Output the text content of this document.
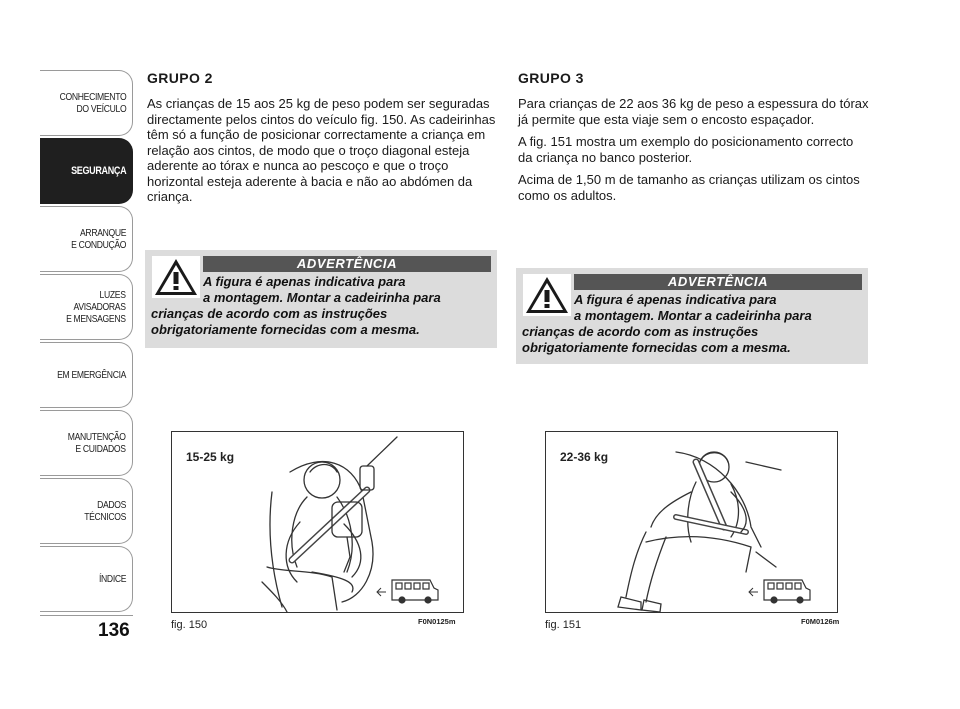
CONHECIMENTO
DO VEÍCULO
SEGURANÇA
ARRANQUE
E CONDUÇÃO
LUZES
AVISADORAS
E MENSAGENS
EM EMERGÊNCIA
MANUTENÇÃO
E CUIDADOS
DADOS
TÉCNICOS
ÍNDICE
136
GRUPO 2

As crianças de 15 aos 25 kg de peso podem ser seguradas directamente pelos cintos do veículo fig. 150. As cadeirinhas têm só a função de posicionar correctamente a criança em relação aos cintos, de modo que o troço diagonal esteja aderente ao tórax e nunca ao pescoço e que o troço horizontal esteja aderente à bacia e não ao abdómen da criança.

ADVERTÊNCIA
A figura é apenas indicativa para
a montagem. Montar a cadeirinha para crianças de acordo com as instruções obrigatoriamente fornecidas com a mesma.
15-25 kg
fig. 150	F0N0125m
GRUPO 3

Para crianças de 22 aos 36 kg de peso a espessura do tórax já permite que esta viaje sem o encosto espaçador.

A fig. 151 mostra um exemplo do posicionamento correcto da criança no banco posterior.

Acima de 1,50 m de tamanho as crianças utilizam os cintos como os adultos.

ADVERTÊNCIA
A figura é apenas indicativa para
a montagem. Montar a cadeirinha para crianças de acordo com as instruções obrigatoriamente fornecidas com a mesma.
22-36 kg
fig. 151	F0M0126m
